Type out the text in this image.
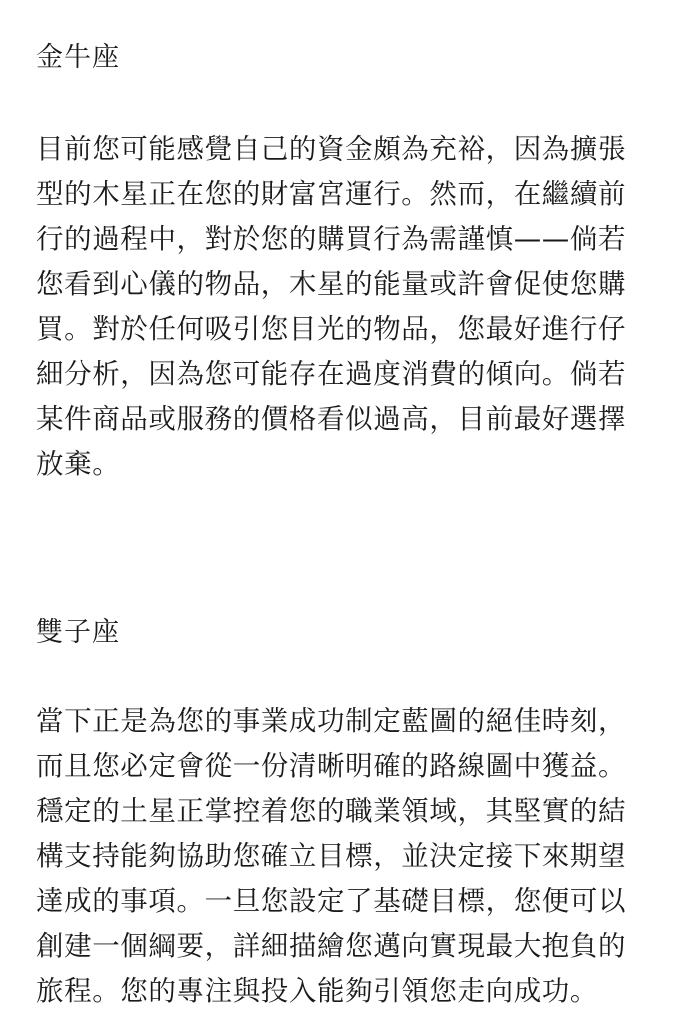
金牛座
目前您可能感覺自己的資金頗為充裕，因為擴張
型的木星正在您的財富宮運行。然而，在繼續前
行的過程中，對於您的購買行為需謹慎——倘若
您看到心儀的物品，木星的能量或許會促使您購
買。對於任何吸引您目光的物品，您最好進行仔
細分析，因為您可能存在過度消費的傾向。倘若
某件商品或服務的價格看似過高，目前最好選擇
放棄。
雙子座
當下正是為您的事業成功制定藍圖的絕佳時刻，
而且您必定會從一份清晰明確的路線圖中獲益。
穩定的土星正掌控着您的職業領域，其堅實的結
構支持能夠協助您確立目標，並決定接下來期望
達成的事項。一旦您設定了基礎目標，您便可以
創建一個綱要，詳細描繪您邁向實現最大抱負的
旅程。您的專注與投入能夠引領您走向成功。
